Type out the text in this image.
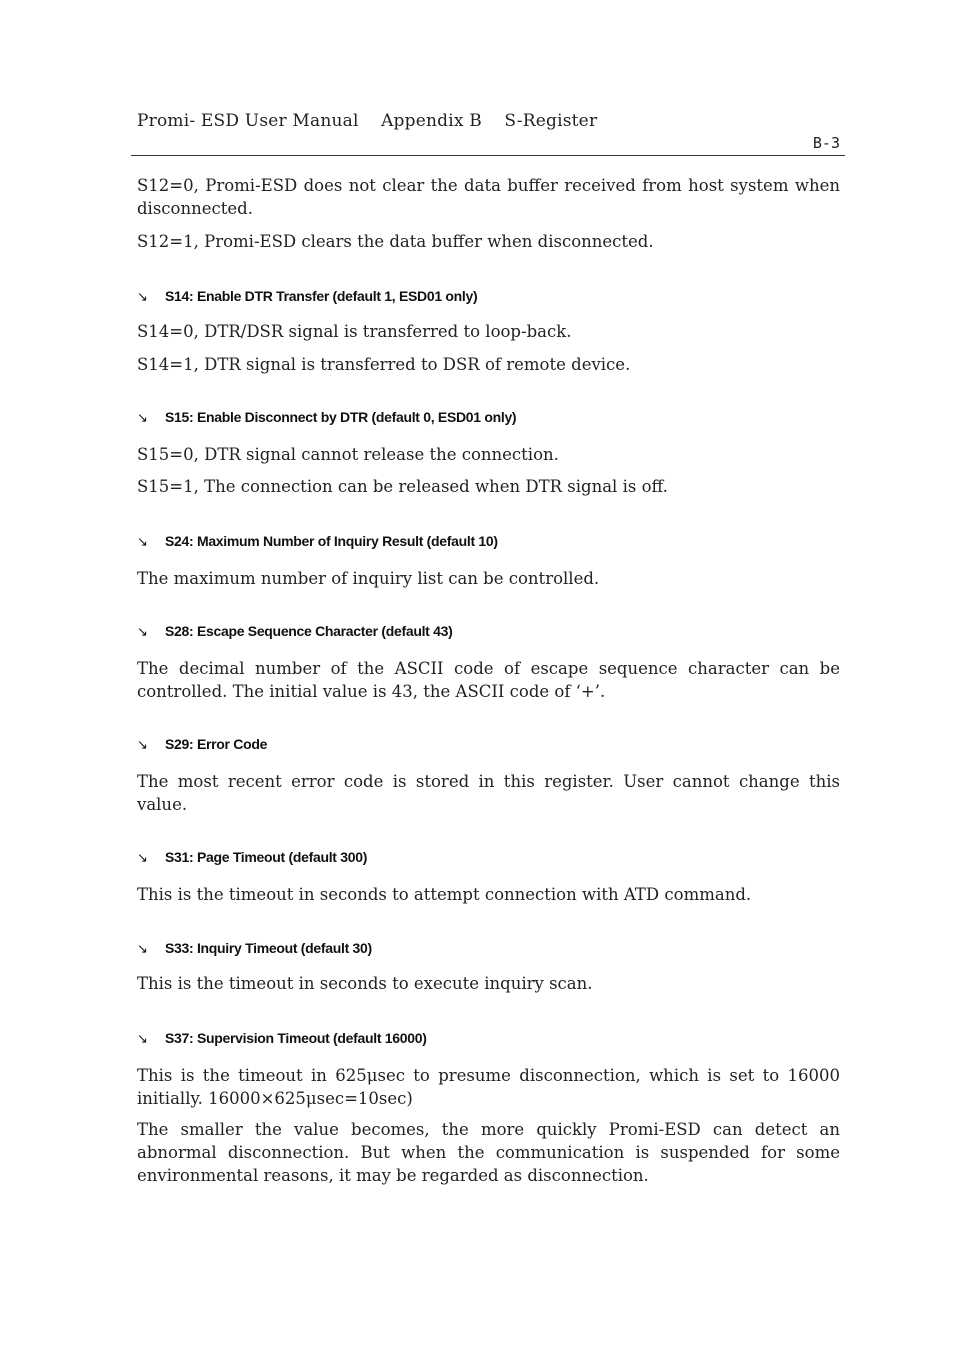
Promi- ESD User Manual    Appendix B    S-Register
B-3
S12=0, Promi-ESD does not clear the data buffer received from host system when disconnected.
S12=1, Promi-ESD clears the data buffer when disconnected.
↘ S14: Enable DTR Transfer (default 1, ESD01 only)
S14=0, DTR/DSR signal is transferred to loop-back.
S14=1, DTR signal is transferred to DSR of remote device.
↘ S15: Enable Disconnect by DTR (default 0, ESD01 only)
S15=0, DTR signal cannot release the connection.
S15=1, The connection can be released when DTR signal is off.
↘ S24: Maximum Number of Inquiry Result (default 10)
The maximum number of inquiry list can be controlled.
↘ S28: Escape Sequence Character (default 43)
The decimal number of the ASCII code of escape sequence character can be controlled. The initial value is 43, the ASCII code of ‘+’.
↘ S29: Error Code
The most recent error code is stored in this register. User cannot change this value.
↘ S31: Page Timeout (default 300)
This is the timeout in seconds to attempt connection with ATD command.
↘ S33: Inquiry Timeout (default 30)
This is the timeout in seconds to execute inquiry scan.
↘ S37: Supervision Timeout (default 16000)
This is the timeout in 625μsec to presume disconnection, which is set to 16000 initially. 16000×625μsec=10sec)
The smaller the value becomes, the more quickly Promi-ESD can detect an abnormal disconnection. But when the communication is suspended for some environmental reasons, it may be regarded as disconnection.
